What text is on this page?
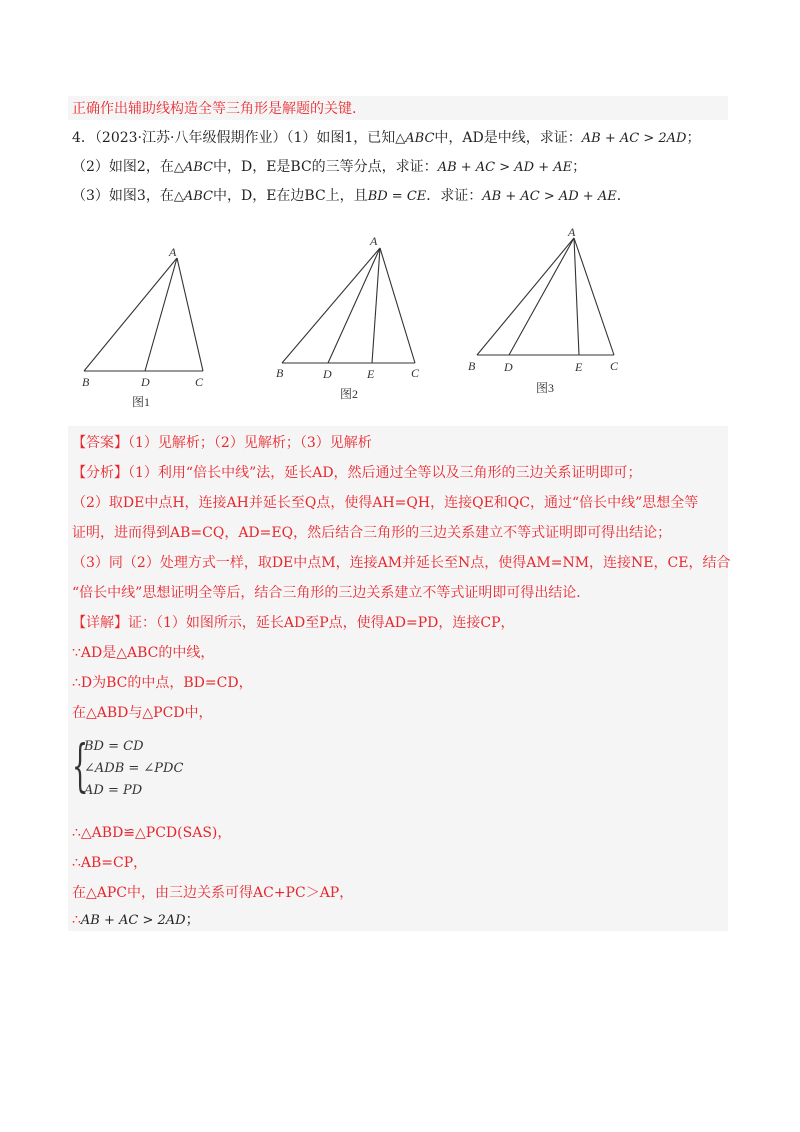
正确作出辅助线构造全等三角形是解题的关键.
4．（2023·江苏·八年级假期作业）（1）如图1，已知△ABC中，AD是中线，求证：AB + AC > 2AD；
（2）如图2，在△ABC中，D，E是BC的三等分点，求证：AB + AC > AD + AE；
（3）如图3，在△ABC中，D，E在边BC上，且BD = CE．求证：AB + AC > AD + AE．
A
B	D	C
图1
A
B	D	E	C
图2
A
B D	E C
图3
【答案】（1）见解析；（2）见解析；（3）见解析
【分析】（1）利用“倍长中线”法，延长AD，然后通过全等以及三角形的三边关系证明即可；
（2）取DE中点H，连接AH并延长至Q点，使得AH=QH，连接QE和QC，通过“倍长中线”思想全等
证明，进而得到AB=CQ，AD=EQ，然后结合三角形的三边关系建立不等式证明即可得出结论；
（3）同（2）处理方式一样，取DE中点M，连接AM并延长至N点，使得AM=NM，连接NE，CE，结合
“倍长中线”思想证明全等后，结合三角形的三边关系建立不等式证明即可得出结论．
【详解】证：（1）如图所示，延长AD至P点，使得AD=PD，连接CP，
∵AD是△ABC的中线，
∴D为BC的中点，BD=CD，
在△ABD与△PCD中，
{
BD = CD
∠ADB = ∠PDC
AD = PD
∴△ABD≌△PCD(SAS)，
∴AB=CP，
在△APC中，由三边关系可得AC+PC＞AP，
∴AB + AC > 2AD；
